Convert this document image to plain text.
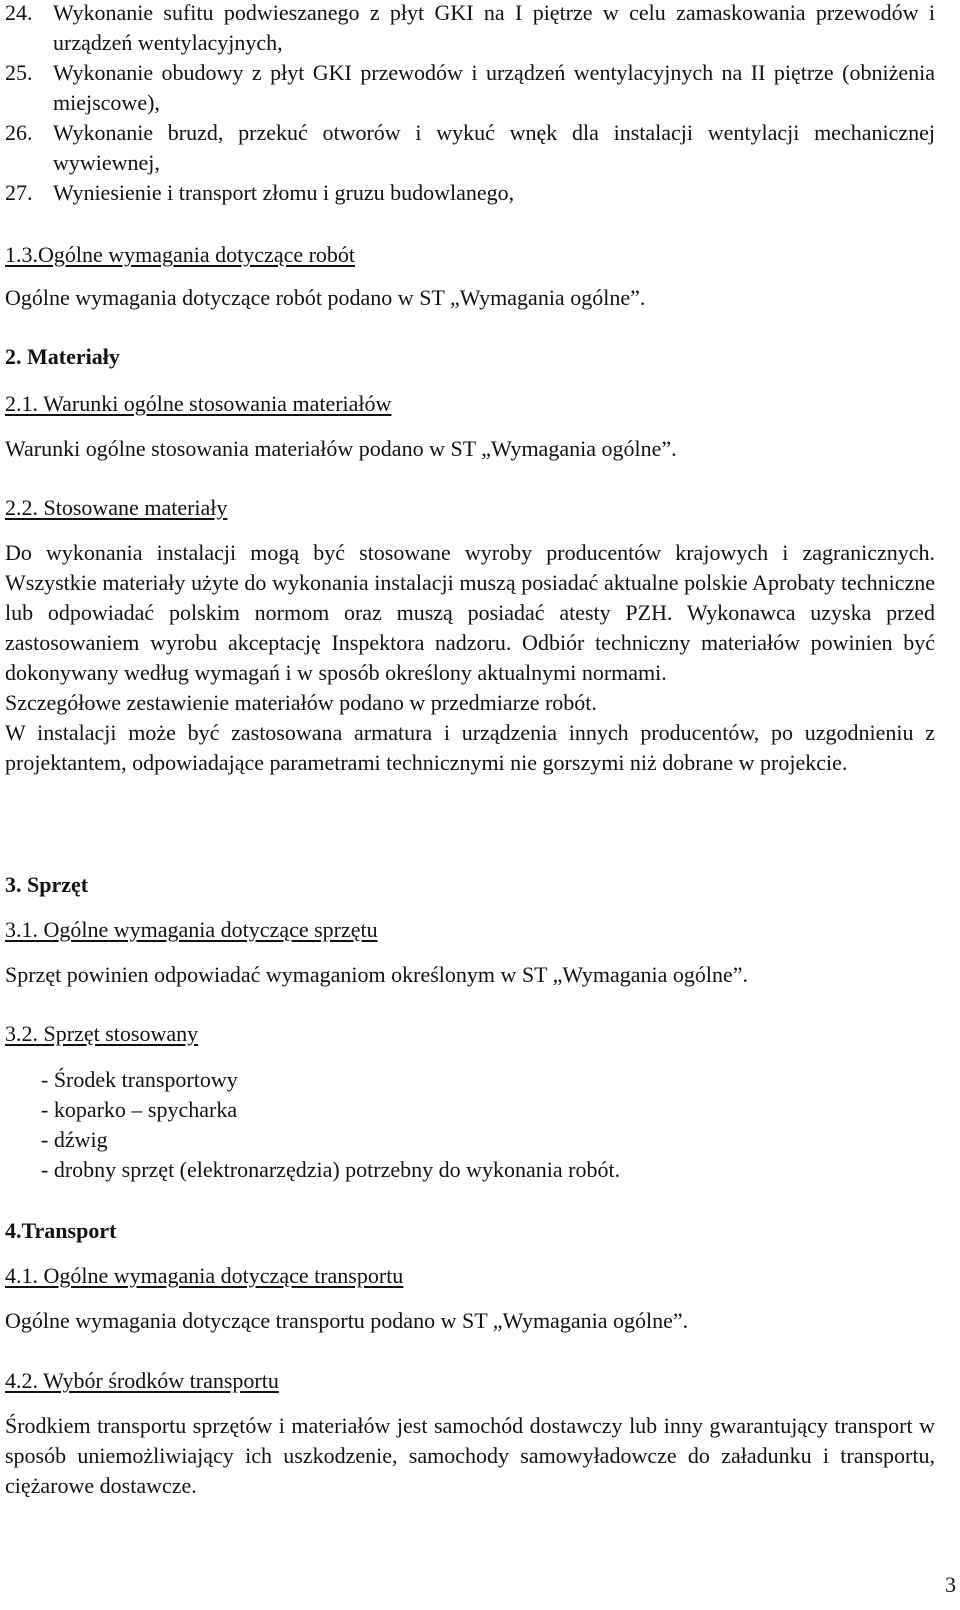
24. Wykonanie sufitu podwieszanego z płyt GKI na I piętrze w celu zamaskowania przewodów i urządzeń wentylacyjnych,
25. Wykonanie obudowy z płyt GKI przewodów i urządzeń wentylacyjnych na II piętrze (obniżenia miejscowe),
26. Wykonanie bruzd, przekuć otworów i wykuć wnęk dla instalacji wentylacji mechanicznej wywiewnej,
27. Wyniesienie i transport złomu i gruzu budowlanego,
1.3.Ogólne wymagania dotyczące robót

Ogólne wymagania dotyczące robót podano w ST „Wymagania ogólne”.

2. Materiały
2.1. Warunki ogólne stosowania materiałów

Warunki ogólne stosowania materiałów podano w ST „Wymagania ogólne”.

2.2. Stosowane materiały

Do wykonania instalacji mogą być stosowane wyroby producentów krajowych i zagranicznych. Wszystkie materiały użyte do wykonania instalacji muszą posiadać aktualne polskie Aprobaty techniczne lub odpowiadać polskim normom oraz muszą posiadać atesty PZH. Wykonawca uzyska przed zastosowaniem wyrobu akceptację Inspektora nadzoru. Odbiór techniczny materiałów powinien być dokonywany według wymagań i w sposób określony aktualnymi normami.

Szczegółowe zestawienie materiałów podano w przedmiarze robót.

W instalacji może być zastosowana armatura i urządzenia innych producentów, po uzgodnieniu z projektantem, odpowiadające parametrami technicznymi nie gorszymi niż dobrane w projekcie.

3. Sprzęt
3.1. Ogólne wymagania dotyczące sprzętu

Sprzęt powinien odpowiadać wymaganiom określonym w ST „Wymagania ogólne”.

3.2. Sprzęt stosowany
- Środek transportowy
- koparko – spycharka
- dźwig
- drobny sprzęt (elektronarzędzia) potrzebny do wykonania robót.
4.Transport
4.1. Ogólne wymagania dotyczące transportu

Ogólne wymagania dotyczące transportu podano w ST „Wymagania ogólne”.

4.2. Wybór środków transportu

Środkiem transportu sprzętów i materiałów jest samochód dostawczy lub inny gwarantujący transport w sposób uniemożliwiający ich uszkodzenie, samochody samowyładowcze do załadunku i transportu, ciężarowe dostawcze.

3
